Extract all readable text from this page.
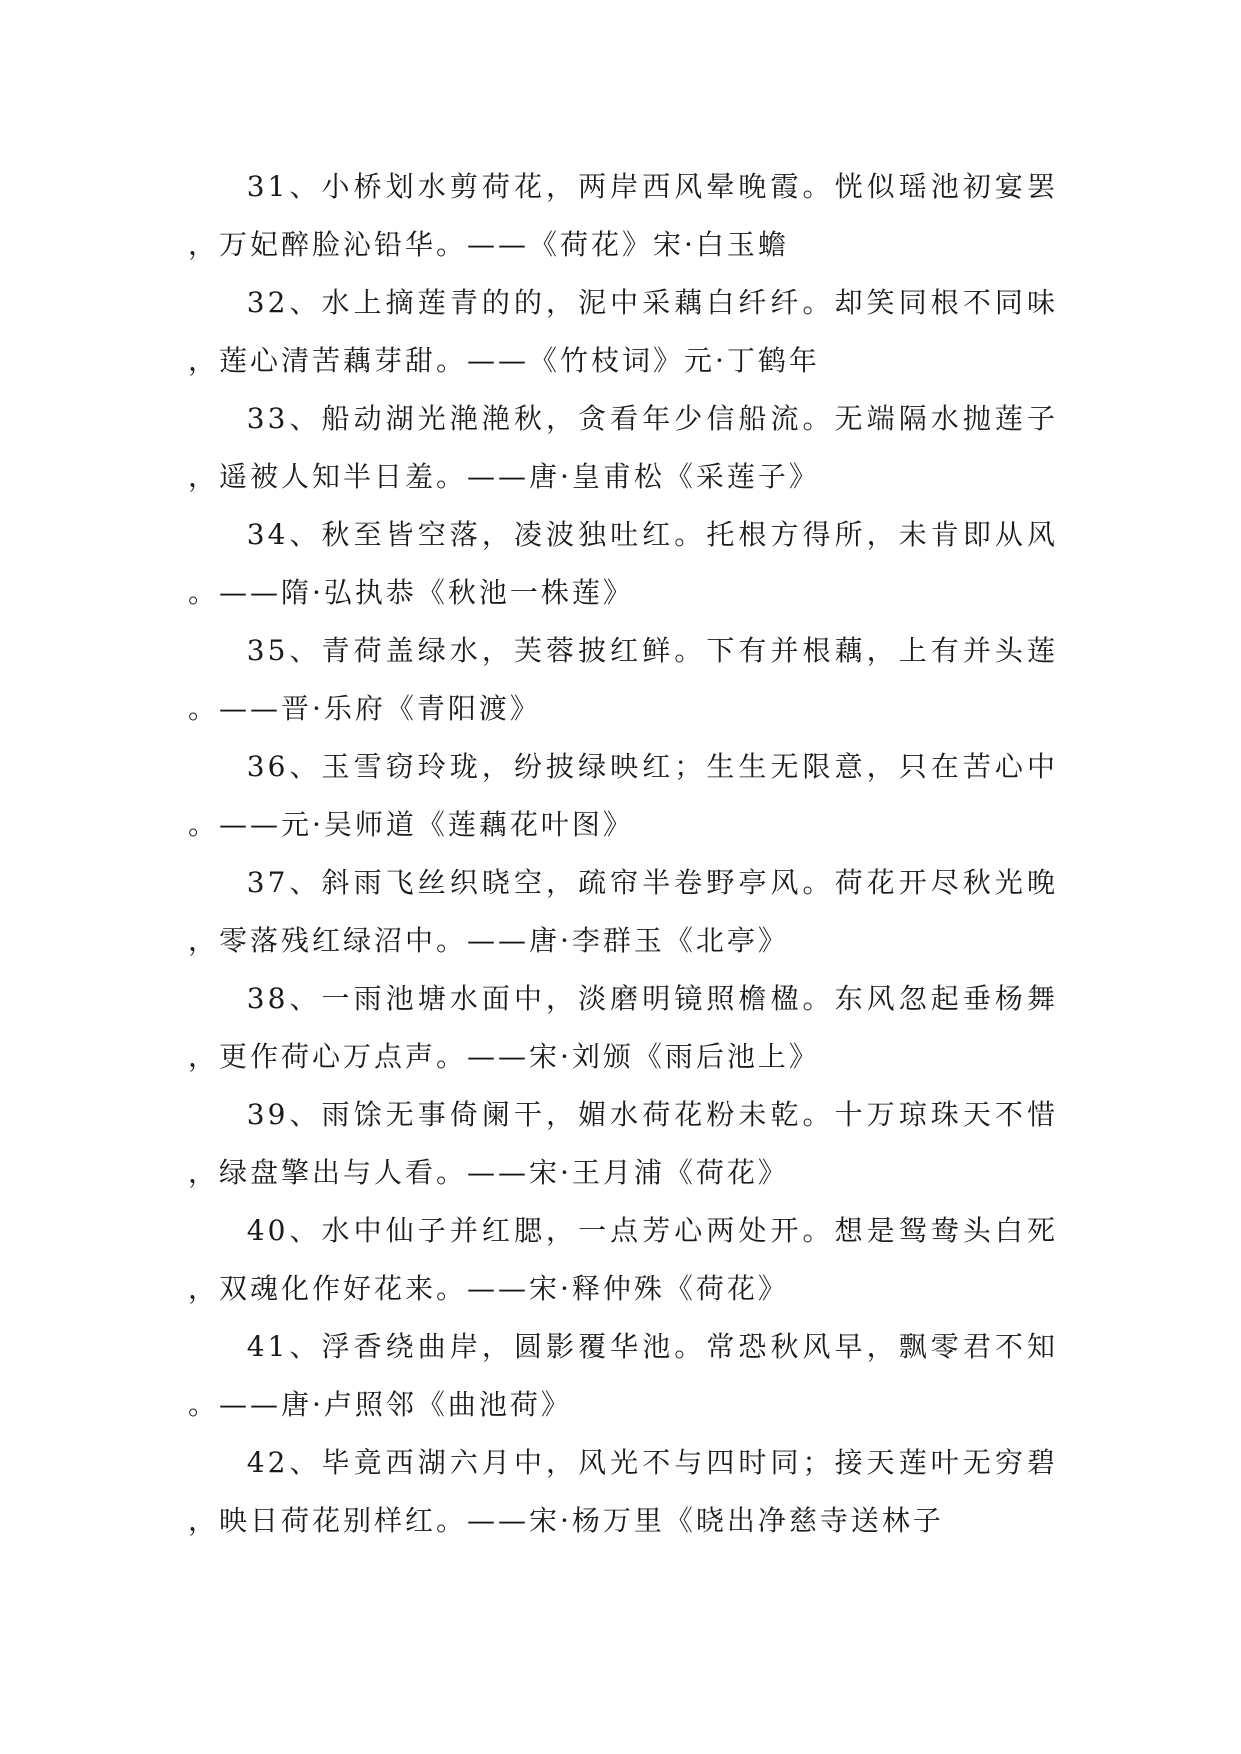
31、小桥划水剪荷花，两岸西风晕晚霞。恍似瑶池初宴罢，万妃醉脸沁铅华。——《荷花》宋·白玉蟾

32、水上摘莲青的的，泥中采藕白纤纤。却笑同根不同味，莲心清苦藕芽甜。——《竹枝词》元·丁鹤年

33、船动湖光滟滟秋，贪看年少信船流。无端隔水抛莲子，遥被人知半日羞。——唐·皇甫松《采莲子》

34、秋至皆空落，凌波独吐红。托根方得所，未肯即从风。——隋·弘执恭《秋池一株莲》

35、青荷盖绿水，芙蓉披红鲜。下有并根藕，上有并头莲。——晋·乐府《青阳渡》

36、玉雪窃玲珑，纷披绿映红；生生无限意，只在苦心中。——元·吴师道《莲藕花叶图》

37、斜雨飞丝织晓空，疏帘半卷野亭风。荷花开尽秋光晚，零落残红绿沼中。——唐·李群玉《北亭》

38、一雨池塘水面中，淡磨明镜照檐楹。东风忽起垂杨舞，更作荷心万点声。——宋·刘颁《雨后池上》

39、雨馀无事倚阑干，媚水荷花粉未乾。十万琼珠天不惜，绿盘擎出与人看。——宋·王月浦《荷花》

40、水中仙子并红腮，一点芳心两处开。想是鸳鸯头白死，双魂化作好花来。——宋·释仲殊《荷花》

41、浮香绕曲岸，圆影覆华池。常恐秋风早，飘零君不知。——唐·卢照邻《曲池荷》

42、毕竟西湖六月中，风光不与四时同；接天莲叶无穷碧，映日荷花别样红。——宋·杨万里《晓出净慈寺送林子
